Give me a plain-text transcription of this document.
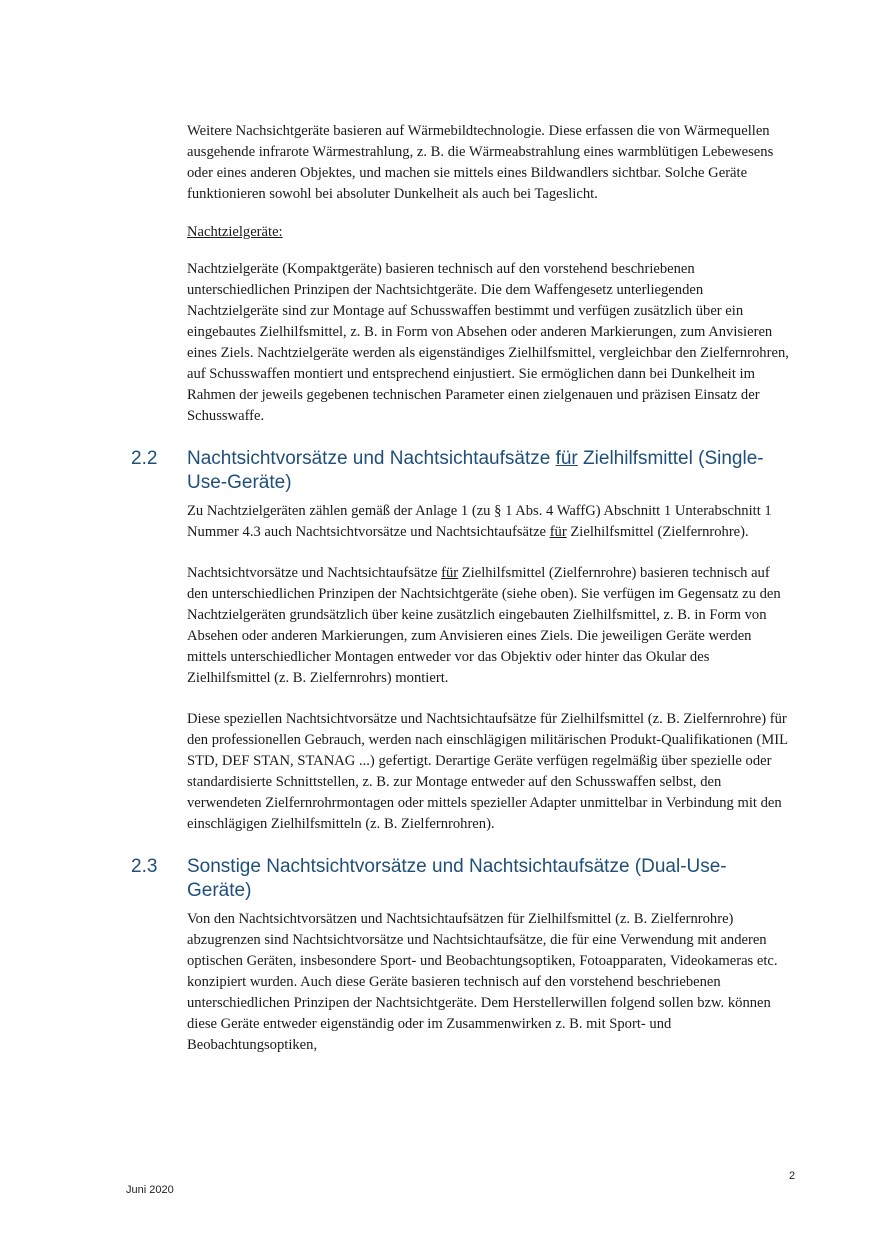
Weitere Nachsichtgeräte basieren auf Wärmebildtechnologie. Diese erfassen die von Wärmequellen ausgehende infrarote Wärmestrahlung, z. B. die Wärmeabstrahlung eines warmblütigen Lebewesens oder eines anderen Objektes, und machen sie mittels eines Bildwandlers sichtbar. Solche Geräte funktionieren sowohl bei absoluter Dunkelheit als auch bei Tageslicht.

Nachtzielgeräte:

Nachtzielgeräte (Kompaktgeräte) basieren technisch auf den vorstehend beschriebenen unterschiedlichen Prinzipen der Nachtsichtgeräte. Die dem Waffengesetz unterliegenden Nachtzielgeräte sind zur Montage auf Schusswaffen bestimmt und verfügen zusätzlich über ein eingebautes Zielhilfsmittel, z. B. in Form von Absehen oder anderen Markierungen, zum Anvisieren eines Ziels. Nachtzielgeräte werden als eigenständiges Zielhilfsmittel, vergleichbar den Zielfernrohren, auf Schusswaffen montiert und entsprechend einjustiert. Sie ermöglichen dann bei Dunkelheit im Rahmen der jeweils gegebenen technischen Parameter einen zielgenauen und präzisen Einsatz der Schusswaffe.

2.2 Nachtsichtvorsätze und Nachtsichtaufsätze für Zielhilfsmittel (Single-Use-Geräte)

Zu Nachtzielgeräten zählen gemäß der Anlage 1 (zu § 1 Abs. 4 WaffG) Abschnitt 1 Unterabschnitt 1 Nummer 4.3 auch Nachtsichtvorsätze und Nachtsichtaufsätze für Zielhilfsmittel (Zielfernrohre).

Nachtsichtvorsätze und Nachtsichtaufsätze für Zielhilfsmittel (Zielfernrohre) basieren technisch auf den unterschiedlichen Prinzipen der Nachtsichtgeräte (siehe oben). Sie verfügen im Gegensatz zu den Nachtzielgeräten grundsätzlich über keine zusätzlich eingebauten Zielhilfsmittel, z. B. in Form von Absehen oder anderen Markierungen, zum Anvisieren eines Ziels. Die jeweiligen Geräte werden mittels unterschiedlicher Montagen entweder vor das Objektiv oder hinter das Okular des Zielhilfsmittel (z. B. Zielfernrohrs) montiert.

Diese speziellen Nachtsichtvorsätze und Nachtsichtaufsätze für Zielhilfsmittel (z. B. Zielfernrohre) für den professionellen Gebrauch, werden nach einschlägigen militärischen Produkt-Qualifikationen (MIL STD, DEF STAN, STANAG ...) gefertigt. Derartige Geräte verfügen regelmäßig über spezielle oder standardisierte Schnittstellen, z. B. zur Montage entweder auf den Schusswaffen selbst, den verwendeten Zielfernrohrmontagen oder mittels spezieller Adapter unmittelbar in Verbindung mit den einschlägigen Zielhilfsmitteln (z. B. Zielfernrohren).

2.3 Sonstige Nachtsichtvorsätze und Nachtsichtaufsätze (Dual-Use-Geräte)

Von den Nachtsichtvorsätzen und Nachtsichtaufsätzen für Zielhilfsmittel (z. B. Zielfernrohre) abzugrenzen sind Nachtsichtvorsätze und Nachtsichtaufsätze, die für eine Verwendung mit anderen optischen Geräten, insbesondere Sport- und Beobachtungsoptiken, Fotoapparaten, Videokameras etc. konzipiert wurden. Auch diese Geräte basieren technisch auf den vorstehend beschriebenen unterschiedlichen Prinzipen der Nachtsichtgeräte. Dem Herstellerwillen folgend sollen bzw. können diese Geräte entweder eigenständig oder im Zusammenwirken z. B. mit Sport- und Beobachtungsoptiken,

Juni 2020
2
